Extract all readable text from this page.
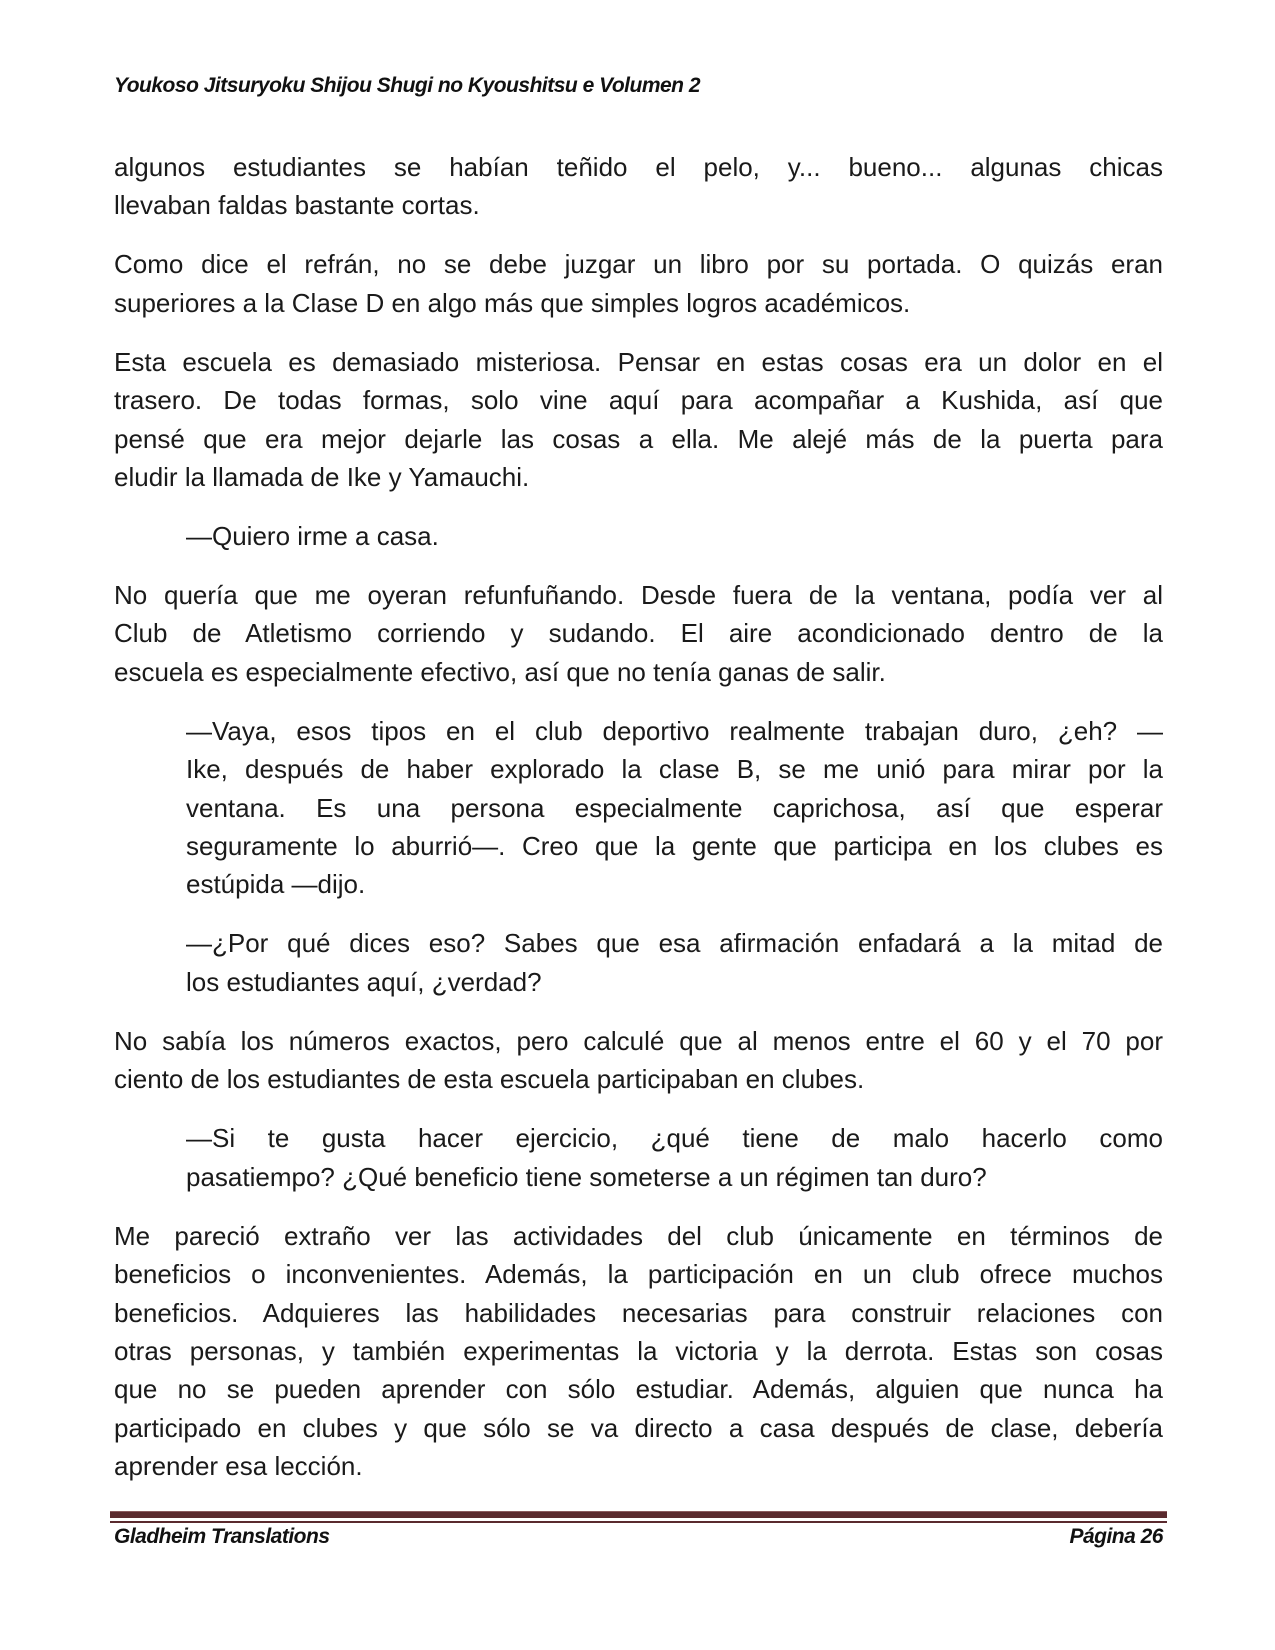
Youkoso Jitsuryoku Shijou Shugi no Kyoushitsu e Volumen 2
algunos estudiantes se habían teñido el pelo, y... bueno... algunas chicas
llevaban faldas bastante cortas.
Como dice el refrán, no se debe juzgar un libro por su portada. O quizás eran
superiores a la Clase D en algo más que simples logros académicos.
Esta escuela es demasiado misteriosa. Pensar en estas cosas era un dolor en el
trasero. De todas formas, solo vine aquí para acompañar a Kushida, así que
pensé que era mejor dejarle las cosas a ella. Me alejé más de la puerta para
eludir la llamada de Ike y Yamauchi.
—Quiero irme a casa.
No quería que me oyeran refunfuñando. Desde fuera de la ventana, podía ver al
Club de Atletismo corriendo y sudando. El aire acondicionado dentro de la
escuela es especialmente efectivo, así que no tenía ganas de salir.
—Vaya, esos tipos en el club deportivo realmente trabajan duro, ¿eh? —
Ike, después de haber explorado la clase B, se me unió para mirar por la
ventana. Es una persona especialmente caprichosa, así que esperar
seguramente lo aburrió—. Creo que la gente que participa en los clubes es
estúpida —dijo.
—¿Por qué dices eso? Sabes que esa afirmación enfadará a la mitad de
los estudiantes aquí, ¿verdad?
No sabía los números exactos, pero calculé que al menos entre el 60 y el 70 por
ciento de los estudiantes de esta escuela participaban en clubes.
—Si te gusta hacer ejercicio, ¿qué tiene de malo hacerlo como
pasatiempo? ¿Qué beneficio tiene someterse a un régimen tan duro?
Me pareció extraño ver las actividades del club únicamente en términos de
beneficios o inconvenientes. Además, la participación en un club ofrece muchos
beneficios. Adquieres las habilidades necesarias para construir relaciones con
otras personas, y también experimentas la victoria y la derrota. Estas son cosas
que no se pueden aprender con sólo estudiar. Además, alguien que nunca ha
participado en clubes y que sólo se va directo a casa después de clase, debería
aprender esa lección.
Gladheim Translations	Página 26
